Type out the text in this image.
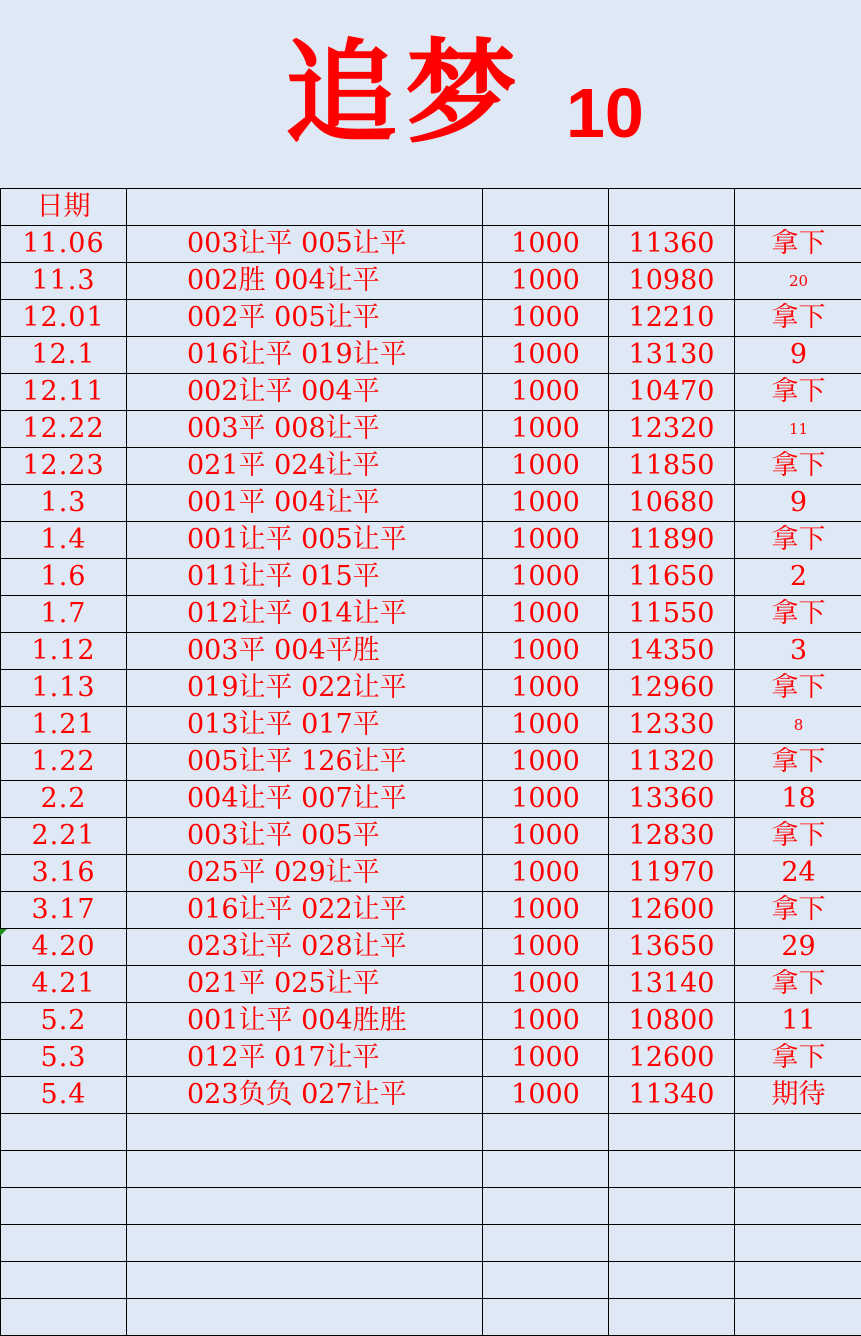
追梦 10
日期				
11.06	003让平 005让平	1000	11360	拿下
11.3	002胜 004让平	1000	10980	20
12.01	002平 005让平	1000	12210	拿下
12.1	016让平 019让平	1000	13130	9
12.11	002让平 004平	1000	10470	拿下
12.22	003平 008让平	1000	12320	11
12.23	021平 024让平	1000	11850	拿下
1.3	001平 004让平	1000	10680	9
1.4	001让平 005让平	1000	11890	拿下
1.6	011让平 015平	1000	11650	2
1.7	012让平 014让平	1000	11550	拿下
1.12	003平 004平胜	1000	14350	3
1.13	019让平 022让平	1000	12960	拿下
1.21	013让平 017平	1000	12330	8
1.22	005让平 126让平	1000	11320	拿下
2.2	004让平 007让平	1000	13360	18
2.21	003让平 005平	1000	12830	拿下
3.16	025平 029让平	1000	11970	24
3.17	016让平 022让平	1000	12600	拿下
4.20	023让平 028让平	1000	13650	29
4.21	021平 025让平	1000	13140	拿下
5.2	001让平 004胜胜	1000	10800	11
5.3	012平 017让平	1000	12600	拿下
5.4	023负负 027让平	1000	11340	期待
